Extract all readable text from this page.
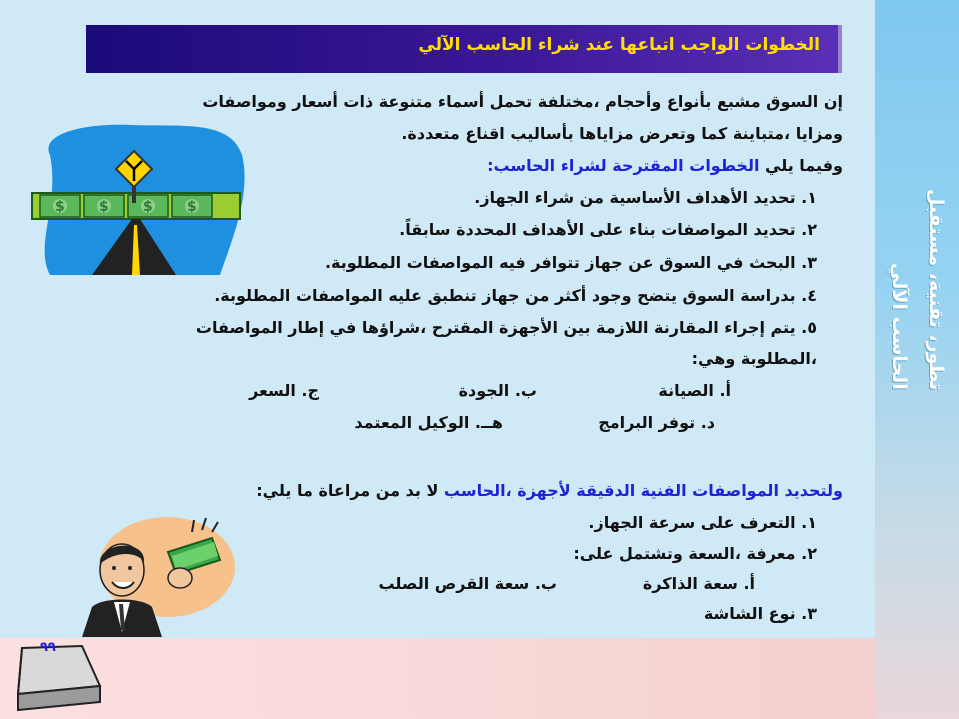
تطور، تقنية، مستقبل
الحاسب الآلي
الخطوات الواجب اتباعها عند شراء الحاسب الآلي
إن السوق مشبع بأنواع وأحجام ،مختلفة تحمل أسماء متنوعة ذات أسعار ومواصفات
ومزايا ،متباينة كما وتعرض مزاياها بأساليب اقناع متعددة.
وفيما يلي الخطوات المقترحة لشراء الحاسب:
١. تحديد الأهداف الأساسية من شراء الجهاز.
٢. تحديد المواصفات بناء على الأهداف المحددة سابقاً.
٣. البحث في السوق عن جهاز تتوافر فيه المواصفات المطلوبة.
٤. بدراسة السوق يتضح وجود أكثر من جهاز تنطبق عليه المواصفات المطلوبة.
٥. يتم إجراء المقارنة اللازمة بين الأجهزة المقترح ،شراؤها في إطار المواصفات
،المطلوبة وهي:
أ. الصيانة
ب. الجودة
ج. السعر
د. توفر البرامج
هــ. الوكيل المعتمد
ولتحديد المواصفات الفنية الدقيقة لأجهزة ،الحاسب لا بد من مراعاة ما يلي:
١. التعرف على سرعة الجهاز.
٢. معرفة ،السعة وتشتمل على:
أ. سعة الذاكرة
ب. سعة القرص الصلب
٣. نوع الشاشة
$ $ $ $
٩٩
